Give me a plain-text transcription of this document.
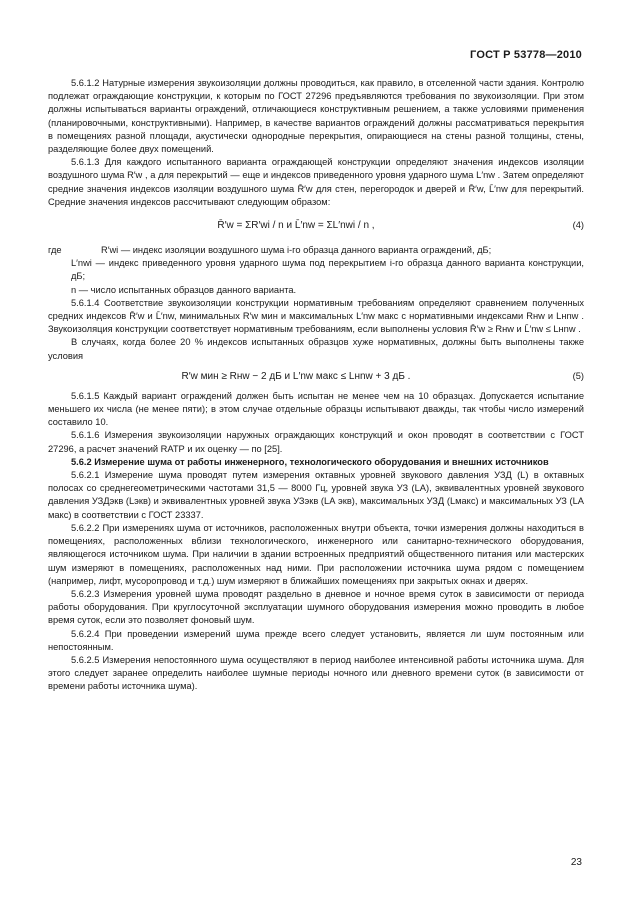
ГОСТ Р 53778—2010

5.6.1.2 Натурные измерения звукоизоляции должны проводиться, как правило, в отселенной части здания. Контролю подлежат ограждающие конструкции, к которым по ГОСТ 27296 предъявляются требования по звукоизоляции. При этом должны испытываться варианты ограждений, отличающиеся конструктивным решением, а также условиями применения (планировочными, конструктивными). Например, в качестве вариантов ограждений должны рассматриваться перекрытия в помещениях разной площади, акустически однородные перекрытия, опирающиеся на стены разной толщины, стены, разделяющие более двух помещений.

5.6.1.3 Для каждого испытанного варианта ограждающей конструкции определяют значения индексов изоляции воздушного шума R′w , а для перекрытий — еще и индексов приведенного уровня ударного шума L′nw . Затем определяют средние значения индексов изоляции воздушного шума R̄′w для стен, перегородок и дверей и R̄′w, L̄′nw для перекрытий. Средние значения индексов рассчитывают следующим образом:

R̄′w = ΣR′wi / n и L̄′nw = ΣL′nwi / n ,	(4)
где	R′wi — индекс изоляции воздушного шума i-го образца данного варианта ограждений, дБ;

L′nwi — индекс приведенного уровня ударного шума под перекрытием i-го образца данного варианта конструкции, дБ;

n — число испытанных образцов данного варианта.

5.6.1.4 Соответствие звукоизоляции конструкции нормативным требованиям определяют сравнением полученных средних индексов R̄′w и L̄′nw, минимальных R′w мин и максимальных L′nw макс с нормативными индексами Rнw и Lнnw . Звукоизоляция конструкции соответствует нормативным требованиям, если выполнены условия R̄′w ≥ Rнw и L̄′nw ≤ Lнnw .

В случаях, когда более 20 % индексов испытанных образцов хуже нормативных, должны быть выполнены также условия

R′w мин ≥ Rнw − 2 дБ и L′nw макс ≤ Lнnw + 3 дБ .	(5)

5.6.1.5 Каждый вариант ограждений должен быть испытан не менее чем на 10 образцах. Допускается испытание меньшего их числа (не менее пяти); в этом случае отдельные образцы испытывают дважды, так чтобы число измерений составило 10.

5.6.1.6 Измерения звукоизоляции наружных ограждающих конструкций и окон проводят в соответствии с ГОСТ 27296, а расчет значений RАТР и их оценку — по [25].

5.6.2 Измерение шума от работы инженерного, технологического оборудования и внешних источников

5.6.2.1 Измерение шума проводят путем измерения октавных уровней звукового давления УЗД (L) в октавных полосах со среднегеометрическими частотами 31,5 — 8000 Гц, уровней звука УЗ (LА), эквивалентных уровней звукового давления УЗДэкв (Lэкв) и эквивалентных уровней звука УЗэкв (LА экв), максимальных УЗД (Lмакс) и максимальных УЗ (LА макс) в соответствии с ГОСТ 23337.

5.6.2.2 При измерениях шума от источников, расположенных внутри объекта, точки измерения должны находиться в помещениях, расположенных вблизи технологического, инженерного или санитарно-технического оборудования, являющегося источником шума. При наличии в здании встроенных предприятий общественного питания или мастерских шум измеряют в помещениях, расположенных над ними. При расположении источника шума рядом с помещением (например, лифт, мусоропровод и т.д.) шум измеряют в ближайших помещениях при закрытых окнах и дверях.

5.6.2.3 Измерения уровней шума проводят раздельно в дневное и ночное время суток в зависимости от периода работы оборудования. При круглосуточной эксплуатации шумного оборудования измерения можно проводить в любое время суток, если это позволяет фоновый шум.

5.6.2.4 При проведении измерений шума прежде всего следует установить, является ли шум постоянным или непостоянным.

5.6.2.5 Измерения непостоянного шума осуществляют в период наиболее интенсивной работы источника шума. Для этого следует заранее определить наиболее шумные периоды ночного или дневного времени суток (в зависимости от времени работы источника шума).

23
